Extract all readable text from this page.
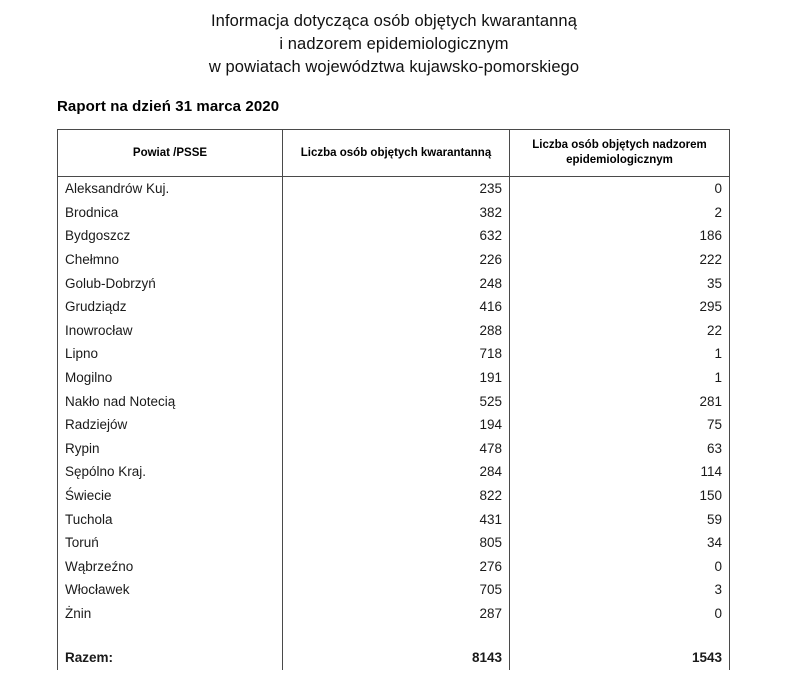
Informacja dotycząca osób objętych kwarantanną
i nadzorem epidemiologicznym
w powiatach województwa kujawsko-pomorskiego
Raport na dzień 31 marca 2020
Powiat /PSSE	Liczba osób objętych kwarantanną	Liczba osób objętych nadzorem epidemiologicznym
Aleksandrów Kuj.	235	0
Brodnica	382	2
Bydgoszcz	632	186
Chełmno	226	222
Golub-Dobrzyń	248	35
Grudziądz	416	295
Inowrocław	288	22
Lipno	718	1
Mogilno	191	1
Nakło nad Notecią	525	281
Radziejów	194	75
Rypin	478	63
Sępólno Kraj.	284	114
Świecie	822	150
Tuchola	431	59
Toruń	805	34
Wąbrzeźno	276	0
Włocławek	705	3
Żnin	287	0

Razem:	8143	1543
